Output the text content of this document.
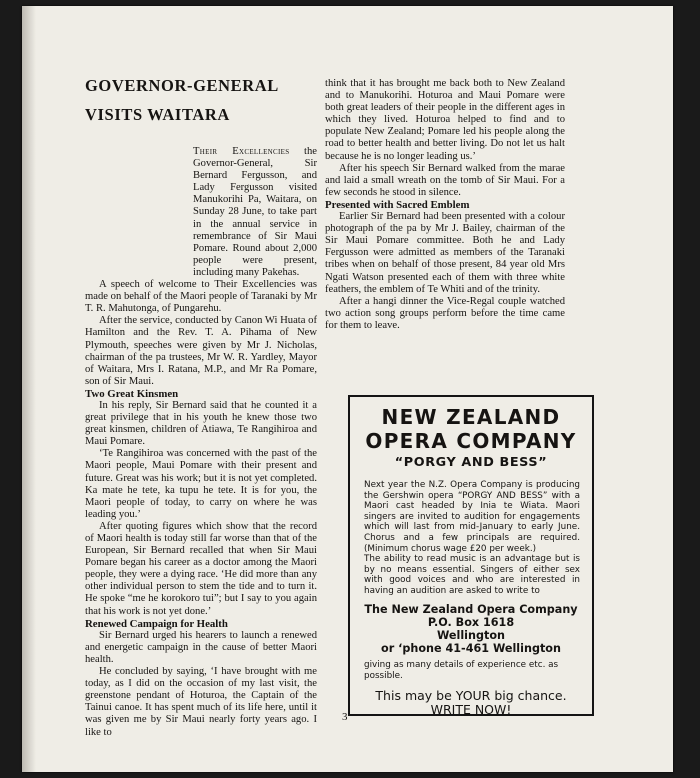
GOVERNOR-GENERAL
VISITS WAITARA

Their Excellencies the Governor-General, Sir Bernard Fergusson, and Lady Fergusson visited Manukorihi Pa, Waitara, on Sunday 28 June, to take part in the annual service in remembrance of Sir Maui Pomare. Round about 2,000 people were present, including many Pakehas.

A speech of welcome to Their Excellencies was made on behalf of the Maori people of Taranaki by Mr T. R. Mahutonga, of Pungarehu.

After the service, conducted by Canon Wi Huata of Hamilton and the Rev. T. A. Pihama of New Plymouth, speeches were given by Mr J. Nicholas, chairman of the pa trustees, Mr W. R. Yardley, Mayor of Waitara, Mrs I. Ratana, M.P., and Mr Ra Pomare, son of Sir Maui.

Two Great Kinsmen

In his reply, Sir Bernard said that he counted it a great privilege that in his youth he knew those two great kinsmen, children of Atiawa, Te Rangihiroa and Maui Pomare.

‘Te Rangihiroa was concerned with the past of the Maori people, Maui Pomare with their present and future. Great was his work; but it is not yet completed. Ka mate he tete, ka tupu he tete. It is for you, the Maori people of today, to carry on where he was leading you.’

After quoting figures which show that the record of Maori health is today still far worse than that of the European, Sir Bernard recalled that when Sir Maui Pomare began his career as a doctor among the Maori people, they were a dying race. ‘He did more than any other individual person to stem the tide and to turn it. He spoke “me he korokoro tui”; but I say to you again that his work is not yet done.’

Renewed Campaign for Health

Sir Bernard urged his hearers to launch a renewed and energetic campaign in the cause of better Maori health.

He concluded by saying, ‘I have brought with me today, as I did on the occasion of my last visit, the greenstone pendant of Hoturoa, the Captain of the Tainui canoe. It has spent much of its life here, until it was given me by Sir Maui nearly forty years ago. I like to

think that it has brought me back both to New Zealand and to Manukorihi. Hoturoa and Maui Pomare were both great leaders of their people in the different ages in which they lived. Hoturoa helped to find and to populate New Zealand; Pomare led his people along the road to better health and better living. Do not let us halt because he is no longer leading us.’

After his speech Sir Bernard walked from the marae and laid a small wreath on the tomb of Sir Maui. For a few seconds he stood in silence.

Presented with Sacred Emblem

Earlier Sir Bernard had been presented with a colour photograph of the pa by Mr J. Bailey, chairman of the Sir Maui Pomare committee. Both he and Lady Fergusson were admitted as members of the Taranaki tribes when on behalf of those present, 84 year old Mrs Ngati Watson presented each of them with three white feathers, the emblem of Te Whiti and of the trinity.

After a hangi dinner the Vice-Regal couple watched two action song groups perform before the time came for them to leave.

NEW ZEALAND
OPERA COMPANY
“PORGY AND BESS”
Next year the N.Z. Opera Company is producing the Gershwin opera “PORGY AND BESS” with a Maori cast headed by Inia te Wiata. Maori singers are invited to audition for engagements which will last from mid-January to early June. Chorus and a few principals are required. (Minimum chorus wage £20 per week.)
The ability to read music is an advantage but is by no means essential. Singers of either sex with good voices and who are interested in having an audition are asked to write to
The New Zealand Opera Company
P.O. Box 1618
Wellington
or ‘phone 41-461 Wellington
giving as many details of experience etc. as possible.
This may be YOUR big chance.
WRITE NOW!
3
